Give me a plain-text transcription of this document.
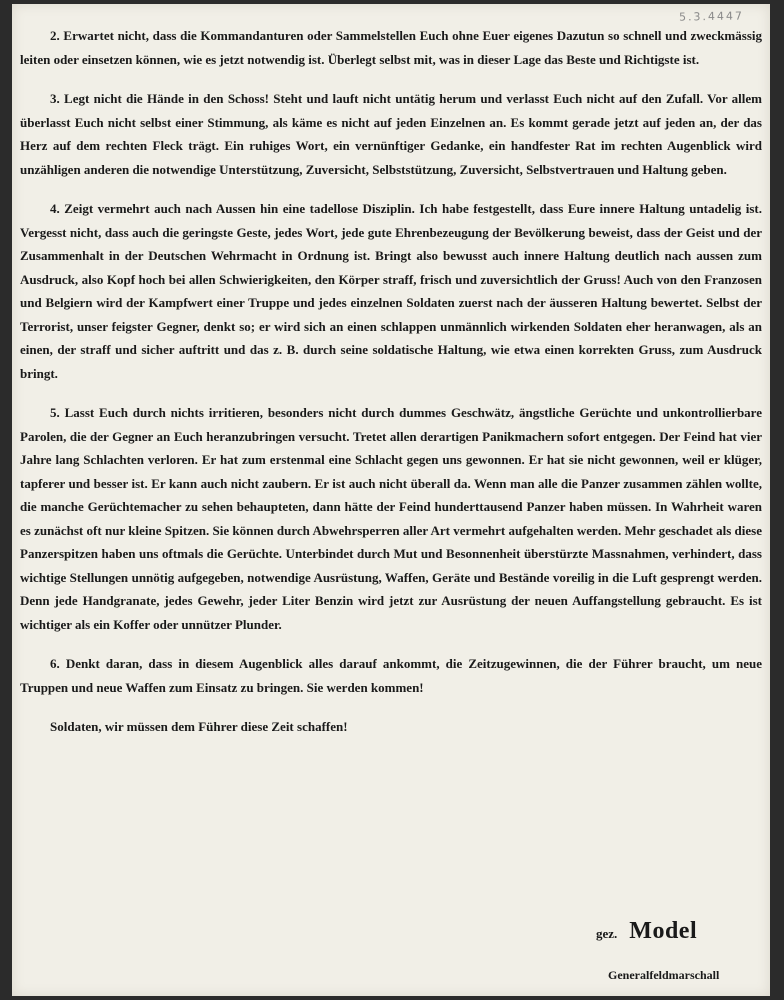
5.3.4447

2. Erwartet nicht, dass die Kommandanturen oder Sammelstellen Euch ohne Euer eigenes Dazutun so schnell und zweckmässig leiten oder einsetzen können, wie es jetzt notwendig ist. Überlegt selbst mit, was in dieser Lage das Beste und Richtigste ist.

3. Legt nicht die Hände in den Schoss! Steht und lauft nicht untätig herum und verlasst Euch nicht auf den Zufall. Vor allem überlasst Euch nicht selbst einer Stimmung, als käme es nicht auf jeden Einzelnen an. Es kommt gerade jetzt auf jeden an, der das Herz auf dem rechten Fleck trägt. Ein ruhiges Wort, ein vernünftiger Gedanke, ein handfester Rat im rechten Augenblick wird unzähligen anderen die notwendige Unterstützung, Zuversicht, Selbststützung, Zuversicht, Selbstvertrauen und Haltung geben.

4. Zeigt vermehrt auch nach Aussen hin eine tadellose Disziplin. Ich habe festgestellt, dass Eure innere Haltung untadelig ist. Vergesst nicht, dass auch die geringste Geste, jedes Wort, jede gute Ehrenbezeugung der Bevölkerung beweist, dass der Geist und der Zusammenhalt in der Deutschen Wehrmacht in Ordnung ist. Bringt also bewusst auch innere Haltung deutlich nach aussen zum Ausdruck, also Kopf hoch bei allen Schwierigkeiten, den Körper straff, frisch und zuversichtlich der Gruss! Auch von den Franzosen und Belgiern wird der Kampfwert einer Truppe und jedes einzelnen Soldaten zuerst nach der äusseren Haltung bewertet. Selbst der Terrorist, unser feigster Gegner, denkt so; er wird sich an einen schlappen unmännlich wirkenden Soldaten eher heranwagen, als an einen, der straff und sicher auftritt und das z. B. durch seine soldatische Haltung, wie etwa einen korrekten Gruss, zum Ausdruck bringt.

5. Lasst Euch durch nichts irritieren, besonders nicht durch dummes Geschwätz, ängstliche Gerüchte und unkontrollierbare Parolen, die der Gegner an Euch heranzubringen versucht. Tretet allen derartigen Panikmachern sofort entgegen. Der Feind hat vier Jahre lang Schlachten verloren. Er hat zum erstenmal eine Schlacht gegen uns gewonnen. Er hat sie nicht gewonnen, weil er klüger, tapferer und besser ist. Er kann auch nicht zaubern. Er ist auch nicht überall da. Wenn man alle die Panzer zusammen zählen wollte, die manche Gerüchtemacher zu sehen behaupteten, dann hätte der Feind hunderttausend Panzer haben müssen. In Wahrheit waren es zunächst oft nur kleine Spitzen. Sie können durch Abwehrsperren aller Art vermehrt aufgehalten werden. Mehr geschadet als diese Panzerspitzen haben uns oftmals die Gerüchte. Unterbindet durch Mut und Besonnenheit überstürzte Massnahmen, verhindert, dass wichtige Stellungen unnötig aufgegeben, notwendige Ausrüstung, Waffen, Geräte und Bestände voreilig in die Luft gesprengt werden. Denn jede Handgranate, jedes Gewehr, jeder Liter Benzin wird jetzt zur Ausrüstung der neuen Auffangstellung gebraucht. Es ist wichtiger als ein Koffer oder unnützer Plunder.

6. Denkt daran, dass in diesem Augenblick alles darauf ankommt, die Zeitzugewinnen, die der Führer braucht, um neue Truppen und neue Waffen zum Einsatz zu bringen. Sie werden kommen!

Soldaten, wir müssen dem Führer diese Zeit schaffen!

gez. Model
Generalfeldmarschall
